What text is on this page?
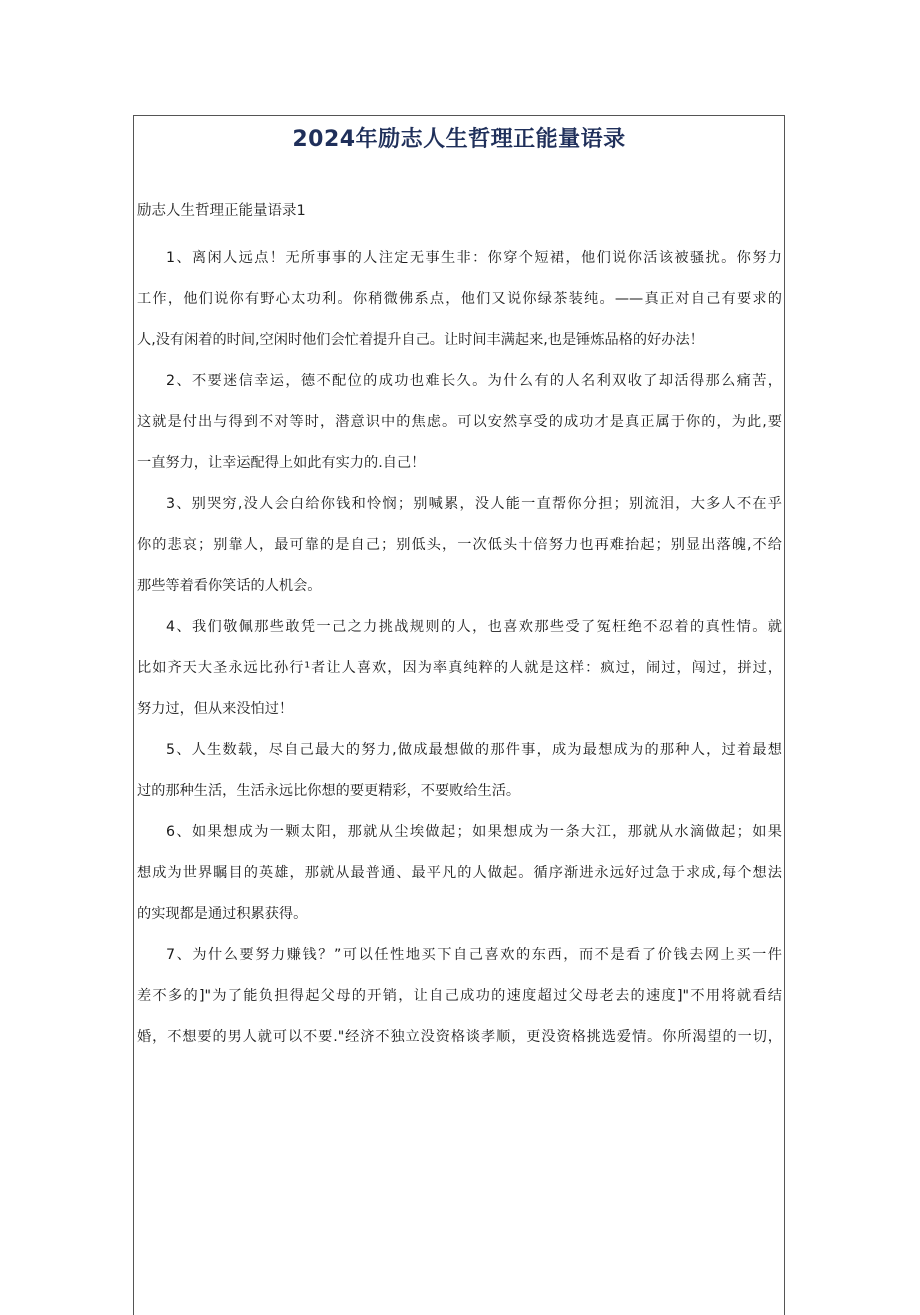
2024年励志人生哲理正能量语录
励志人生哲理正能量语录1
1、离闲人远点！无所事事的人注定无事生非：你穿个短裙，他们说你活该被骚扰。你努力
工作，他们说你有野心太功利。你稍微佛系点，他们又说你绿茶装纯。——真正对自己有要求的
人,没有闲着的时间,空闲时他们会忙着提升自己。让时间丰满起来,也是锤炼品格的好办法！
2、不要迷信幸运，德不配位的成功也难长久。为什么有的人名利双收了却活得那么痛苦，
这就是付出与得到不对等时，潜意识中的焦虑。可以安然享受的成功才是真正属于你的，为此,要
一直努力，让幸运配得上如此有实力的.自己！
3、别哭穷,没人会白给你钱和怜悯；别喊累，没人能一直帮你分担；别流泪，大多人不在乎
你的悲哀；别靠人，最可靠的是自己；别低头，一次低头十倍努力也再难抬起；别显出落魄,不给
那些等着看你笑话的人机会。
4、我们敬佩那些敢凭一己之力挑战规则的人，也喜欢那些受了冤枉绝不忍着的真性情。就
比如齐天大圣永远比孙行¹者让人喜欢，因为率真纯粹的人就是这样：疯过，闹过，闯过，拼过，
努力过，但从来没怕过！
5、人生数载，尽自己最大的努力,做成最想做的那件事，成为最想成为的那种人，过着最想
过的那种生活，生活永远比你想的要更精彩，不要败给生活。
6、如果想成为一颗太阳，那就从尘埃做起；如果想成为一条大江，那就从水滴做起；如果
想成为世界瞩目的英雄，那就从最普通、最平凡的人做起。循序渐进永远好过急于求成,每个想法
的实现都是通过积累获得。
7、为什么要努力赚钱？”可以任性地买下自己喜欢的东西，而不是看了价钱去网上买一件
差不多的]"为了能负担得起父母的开销，让自己成功的速度超过父母老去的速度]"不用将就看结
婚，不想要的男人就可以不要."经济不独立没资格谈孝顺，更没资格挑选爱情。你所渴望的一切，
